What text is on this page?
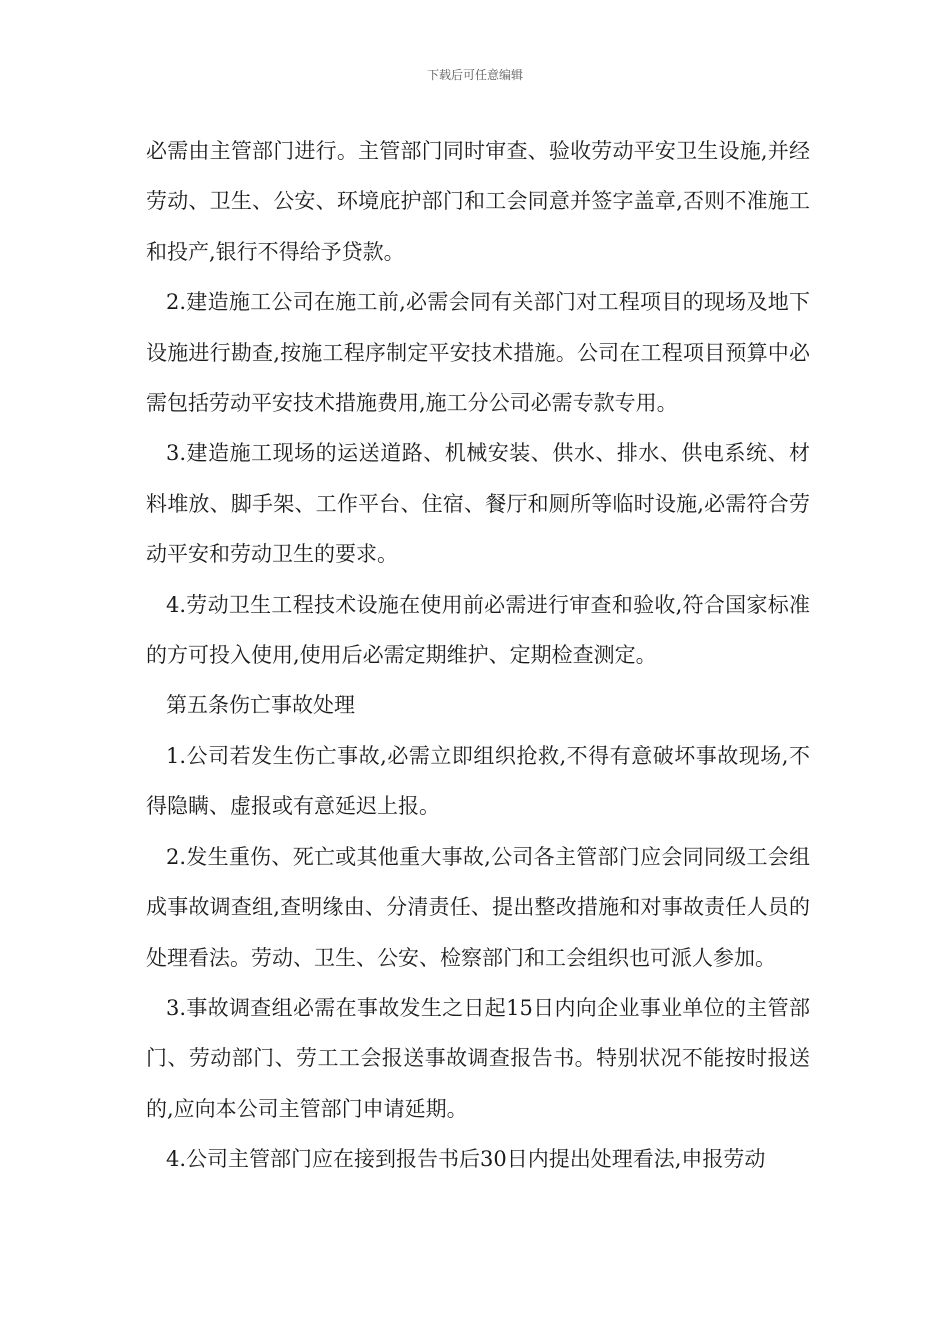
下载后可任意编辑

必需由主管部门进行。主管部门同时审查、验收劳动平安卫生设施,并经劳动、卫生、公安、环境庇护部门和工会同意并签字盖章,否则不准施工和投产,银行不得给予贷款。

2.建造施工公司在施工前,必需会同有关部门对工程项目的现场及地下设施进行勘查,按施工程序制定平安技术措施。公司在工程项目预算中必需包括劳动平安技术措施费用,施工分公司必需专款专用。

3.建造施工现场的运送道路、机械安装、供水、排水、供电系统、材料堆放、脚手架、工作平台、住宿、餐厅和厕所等临时设施,必需符合劳动平安和劳动卫生的要求。

4.劳动卫生工程技术设施在使用前必需进行审查和验收,符合国家标准的方可投入使用,使用后必需定期维护、定期检查测定。

第五条伤亡事故处理

1.公司若发生伤亡事故,必需立即组织抢救,不得有意破坏事故现场,不得隐瞒、虚报或有意延迟上报。

2.发生重伤、死亡或其他重大事故,公司各主管部门应会同同级工会组成事故调查组,查明缘由、分清责任、提出整改措施和对事故责任人员的处理看法。劳动、卫生、公安、检察部门和工会组织也可派人参加。

3.事故调查组必需在事故发生之日起15日内向企业事业单位的主管部门、劳动部门、劳工工会报送事故调查报告书。特别状况不能按时报送的,应向本公司主管部门申请延期。

4.公司主管部门应在接到报告书后30日内提出处理看法,申报劳动
